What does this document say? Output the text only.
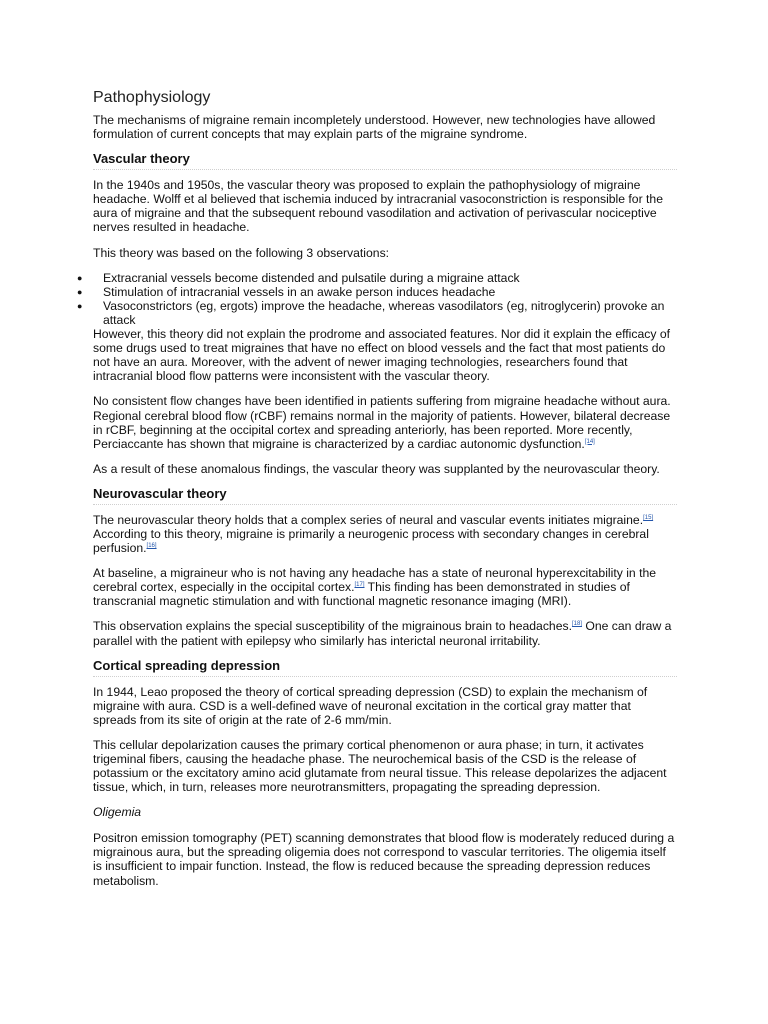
Pathophysiology

The mechanisms of migraine remain incompletely understood. However, new technologies have allowed formulation of current concepts that may explain parts of the migraine syndrome.

Vascular theory

In the 1940s and 1950s, the vascular theory was proposed to explain the pathophysiology of migraine headache. Wolff et al believed that ischemia induced by intracranial vasoconstriction is responsible for the aura of migraine and that the subsequent rebound vasodilation and activation of perivascular nociceptive nerves resulted in headache.

This theory was based on the following 3 observations:

● Extracranial vessels become distended and pulsatile during a migraine attack
● Stimulation of intracranial vessels in an awake person induces headache
● Vasoconstrictors (eg, ergots) improve the headache, whereas vasodilators (eg, nitroglycerin) provoke an attack

However, this theory did not explain the prodrome and associated features. Nor did it explain the efficacy of some drugs used to treat migraines that have no effect on blood vessels and the fact that most patients do not have an aura. Moreover, with the advent of newer imaging technologies, researchers found that intracranial blood flow patterns were inconsistent with the vascular theory.

No consistent flow changes have been identified in patients suffering from migraine headache without aura. Regional cerebral blood flow (rCBF) remains normal in the majority of patients. However, bilateral decrease in rCBF, beginning at the occipital cortex and spreading anteriorly, has been reported. More recently, Perciaccante has shown that migraine is characterized by a cardiac autonomic dysfunction.[14]

As a result of these anomalous findings, the vascular theory was supplanted by the neurovascular theory.

Neurovascular theory

The neurovascular theory holds that a complex series of neural and vascular events initiates migraine.[15] According to this theory, migraine is primarily a neurogenic process with secondary changes in cerebral perfusion.[16]

At baseline, a migraineur who is not having any headache has a state of neuronal hyperexcitability in the cerebral cortex, especially in the occipital cortex.[17] This finding has been demonstrated in studies of transcranial magnetic stimulation and with functional magnetic resonance imaging (MRI).

This observation explains the special susceptibility of the migrainous brain to headaches.[18] One can draw a parallel with the patient with epilepsy who similarly has interictal neuronal irritability.

Cortical spreading depression

In 1944, Leao proposed the theory of cortical spreading depression (CSD) to explain the mechanism of migraine with aura. CSD is a well-defined wave of neuronal excitation in the cortical gray matter that spreads from its site of origin at the rate of 2-6 mm/min.

This cellular depolarization causes the primary cortical phenomenon or aura phase; in turn, it activates trigeminal fibers, causing the headache phase. The neurochemical basis of the CSD is the release of potassium or the excitatory amino acid glutamate from neural tissue. This release depolarizes the adjacent tissue, which, in turn, releases more neurotransmitters, propagating the spreading depression.

Oligemia

Positron emission tomography (PET) scanning demonstrates that blood flow is moderately reduced during a migrainous aura, but the spreading oligemia does not correspond to vascular territories. The oligemia itself is insufficient to impair function. Instead, the flow is reduced because the spreading depression reduces metabolism.
